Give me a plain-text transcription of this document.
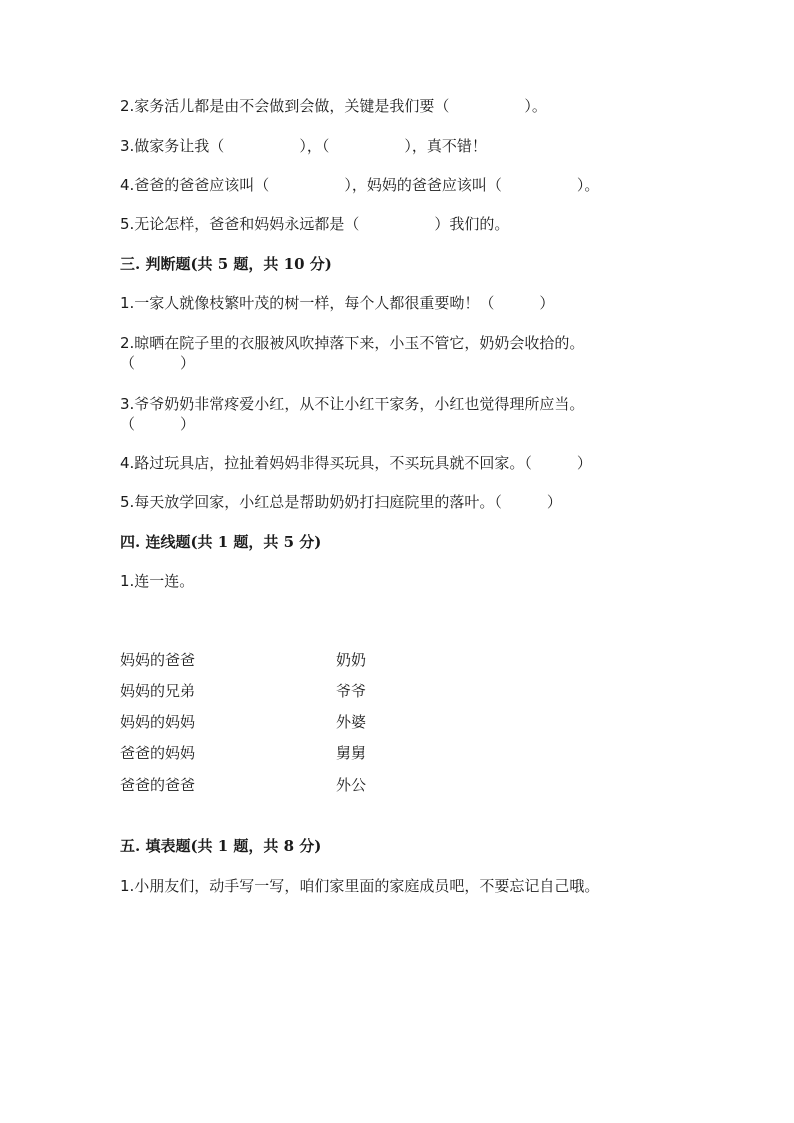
2.家务活儿都是由不会做到会做，关键是我们要（　　　　　）。
3.做家务让我（　　　　　），（　　　　　），真不错！
4.爸爸的爸爸应该叫（　　　　　），妈妈的爸爸应该叫（　　　　　）。
5.无论怎样，爸爸和妈妈永远都是（　　　　　）我们的。
三. 判断题(共 5 题，共 10 分)
1.一家人就像枝繁叶茂的树一样，每个人都很重要呦！（　　　）
2.晾晒在院子里的衣服被风吹掉落下来，小玉不管它，奶奶会收拾的。
（　　　）
3.爷爷奶奶非常疼爱小红，从不让小红干家务，小红也觉得理所应当。
（　　　）
4.路过玩具店，拉扯着妈妈非得买玩具，不买玩具就不回家。（　　　）
5.每天放学回家，小红总是帮助奶奶打扫庭院里的落叶。（　　　）
四. 连线题(共 1 题，共 5 分)
1.连一连。
妈妈的爸爸
妈妈的兄弟
妈妈的妈妈
爸爸的妈妈
爸爸的爸爸
奶奶
爷爷
外婆
舅舅
外公
五. 填表题(共 1 题，共 8 分)
1.小朋友们，动手写一写，咱们家里面的家庭成员吧，不要忘记自己哦。
